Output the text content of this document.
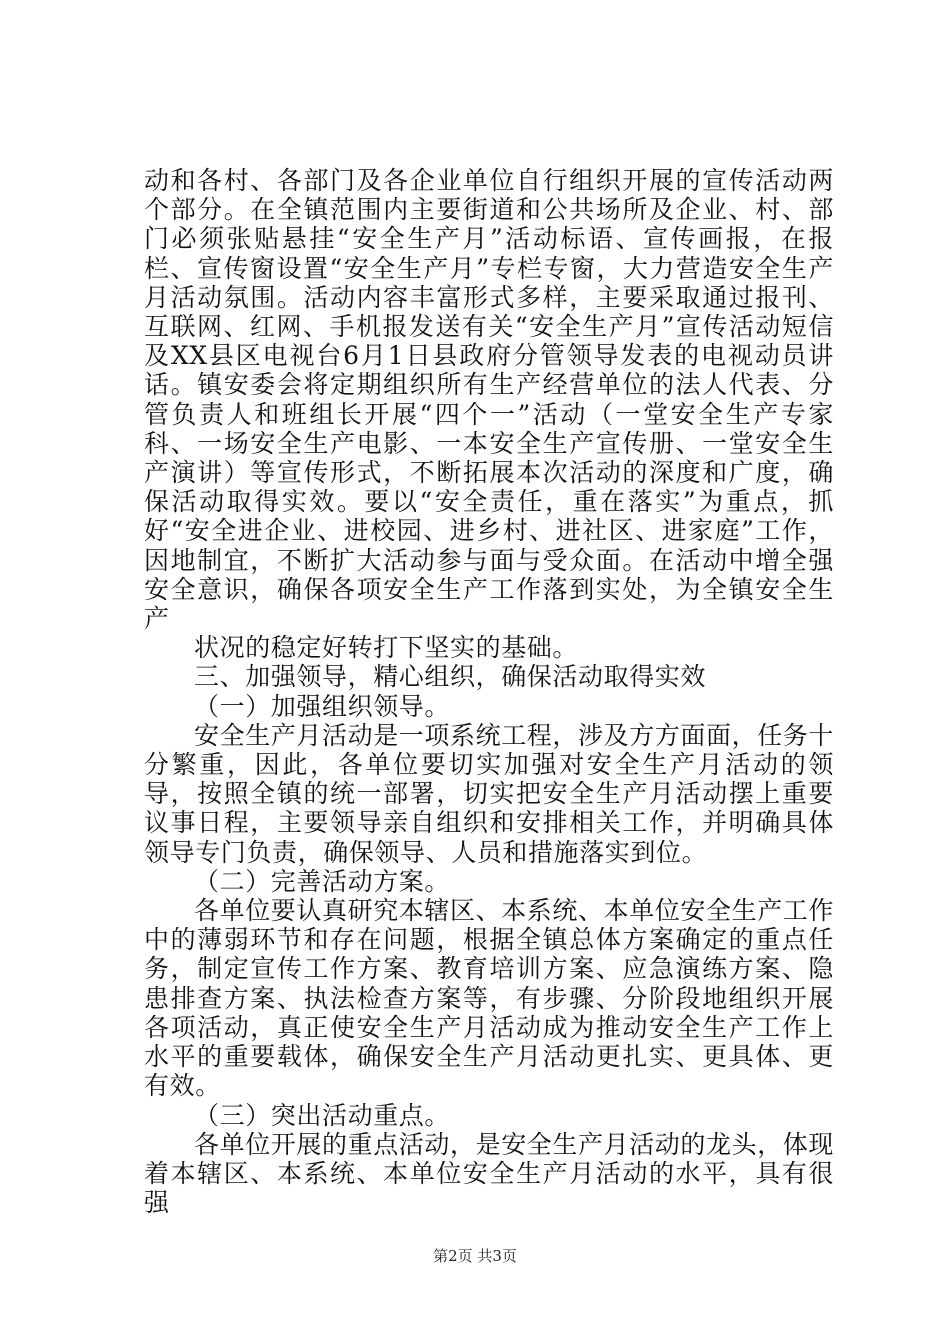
动和各村、各部门及各企业单位自行组织开展的宣传活动两个部分。在全镇范围内主要街道和公共场所及企业、村、部门必须张贴悬挂“安全生产月”活动标语、宣传画报，在报栏、宣传窗设置“安全生产月”专栏专窗，大力营造安全生产月活动氛围。活动内容丰富形式多样，主要采取通过报刊、互联网、红网、手机报发送有关“安全生产月”宣传活动短信及XX县区电视台6月1日县政府分管领导发表的电视动员讲话。镇安委会将定期组织所有生产经营单位的法人代表、分管负责人和班组长开展“四个一”活动（一堂安全生产专家科、一场安全生产电影、一本安全生产宣传册、一堂安全生产演讲）等宣传形式，不断拓展本次活动的深度和广度，确保活动取得实效。要以“安全责任，重在落实”为重点，抓好“安全进企业、进校园、进乡村、进社区、进家庭”工作，因地制宜，不断扩大活动参与面与受众面。在活动中增全强安全意识，确保各项安全生产工作落到实处，为全镇安全生产

状况的稳定好转打下坚实的基础。

三、加强领导，精心组织，确保活动取得实效

（一）加强组织领导。

安全生产月活动是一项系统工程，涉及方方面面，任务十分繁重，因此，各单位要切实加强对安全生产月活动的领导，按照全镇的统一部署，切实把安全生产月活动摆上重要议事日程，主要领导亲自组织和安排相关工作，并明确具体领导专门负责，确保领导、人员和措施落实到位。

（二）完善活动方案。

各单位要认真研究本辖区、本系统、本单位安全生产工作中的薄弱环节和存在问题，根据全镇总体方案确定的重点任务，制定宣传工作方案、教育培训方案、应急演练方案、隐患排查方案、执法检查方案等，有步骤、分阶段地组织开展各项活动，真正使安全生产月活动成为推动安全生产工作上水平的重要载体，确保安全生产月活动更扎实、更具体、更有效。

（三）突出活动重点。

各单位开展的重点活动，是安全生产月活动的龙头，体现着本辖区、本系统、本单位安全生产月活动的水平，具有很强

第2页 共3页
